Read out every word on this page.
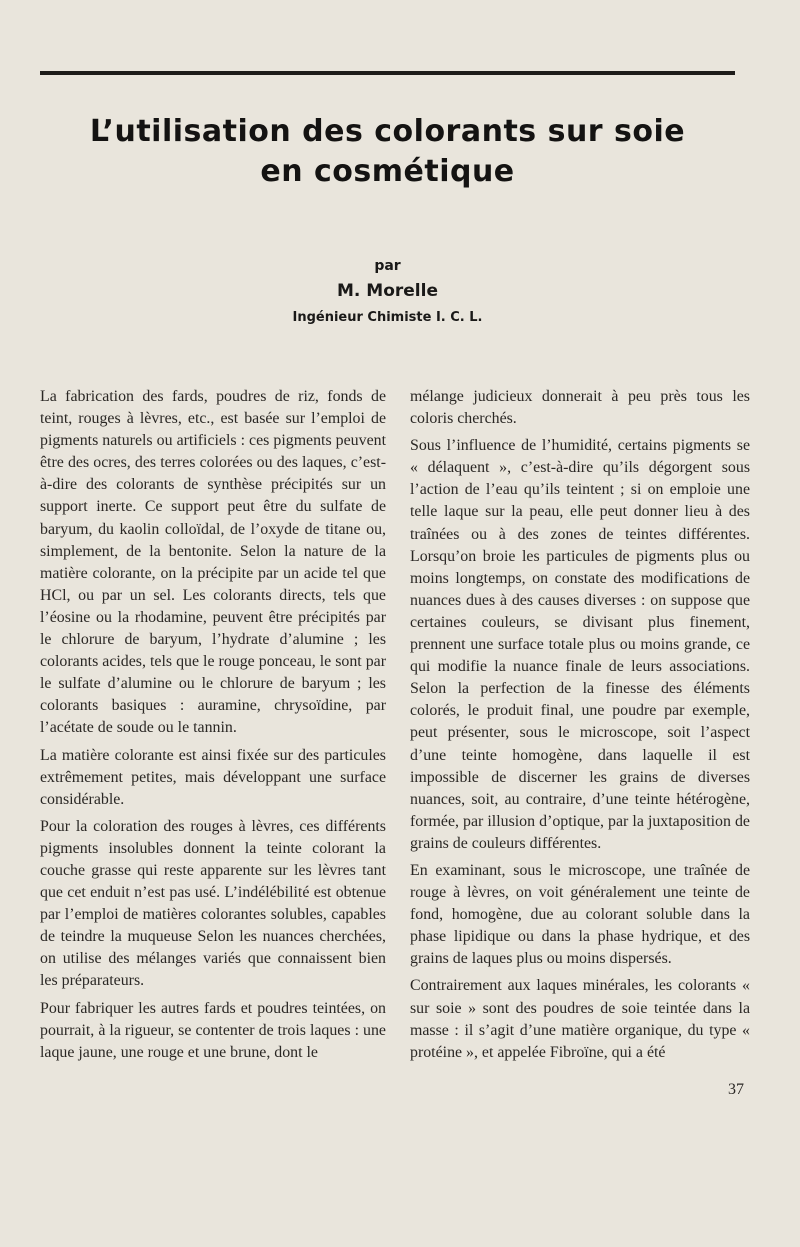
L’utilisation des colorants sur soie
en cosmétique
par
M. Morelle
Ingénieur Chimiste I. C. L.

La fabrication des fards, poudres de riz, fonds de teint, rouges à lèvres, etc., est basée sur l’emploi de pigments naturels ou artificiels : ces pigments peuvent être des ocres, des terres colorées ou des laques, c’est-à-dire des colorants de synthèse précipités sur un support inerte. Ce support peut être du sulfate de baryum, du kaolin colloïdal, de l’oxyde de titane ou, simplement, de la bentonite. Selon la nature de la matière colorante, on la précipite par un acide tel que HCl, ou par un sel. Les colorants directs, tels que l’éosine ou la rhodamine, peuvent être précipités par le chlorure de baryum, l’hydrate d’alumine ; les colorants acides, tels que le rouge ponceau, le sont par le sulfate d’alumine ou le chlorure de baryum ; les colorants basiques : auramine, chrysoïdine, par l’acétate de soude ou le tannin.

La matière colorante est ainsi fixée sur des particules extrêmement petites, mais développant une surface considérable.

Pour la coloration des rouges à lèvres, ces différents pigments insolubles donnent la teinte colorant la couche grasse qui reste apparente sur les lèvres tant que cet enduit n’est pas usé. L’indélébilité est obtenue par l’emploi de matières colorantes solubles, capables de teindre la muqueuse Selon les nuances cherchées, on utilise des mélanges variés que connaissent bien les préparateurs.

Pour fabriquer les autres fards et poudres teintées, on pourrait, à la rigueur, se contenter de trois laques : une laque jaune, une rouge et une brune, dont le

mélange judicieux donnerait à peu près tous les coloris cherchés.

Sous l’influence de l’humidité, certains pigments se « délaquent », c’est-à-dire qu’ils dégorgent sous l’action de l’eau qu’ils teintent ; si on emploie une telle laque sur la peau, elle peut donner lieu à des traînées ou à des zones de teintes différentes. Lorsqu’on broie les particules de pigments plus ou moins longtemps, on constate des modifications de nuances dues à des causes diverses : on suppose que certaines couleurs, se divisant plus finement, prennent une surface totale plus ou moins grande, ce qui modifie la nuance finale de leurs associations. Selon la perfection de la finesse des éléments colorés, le produit final, une poudre par exemple, peut présenter, sous le microscope, soit l’aspect d’une teinte homogène, dans laquelle il est impossible de discerner les grains de diverses nuances, soit, au contraire, d’une teinte hétérogène, formée, par illusion d’optique, par la juxtaposition de grains de couleurs différentes.

En examinant, sous le microscope, une traînée de rouge à lèvres, on voit généralement une teinte de fond, homogène, due au colorant soluble dans la phase lipidique ou dans la phase hydrique, et des grains de laques plus ou moins dispersés.

Contrairement aux laques minérales, les colorants « sur soie » sont des poudres de soie teintée dans la masse : il s’agit d’une matière organique, du type « protéine », et appelée Fibroïne, qui a été

37
